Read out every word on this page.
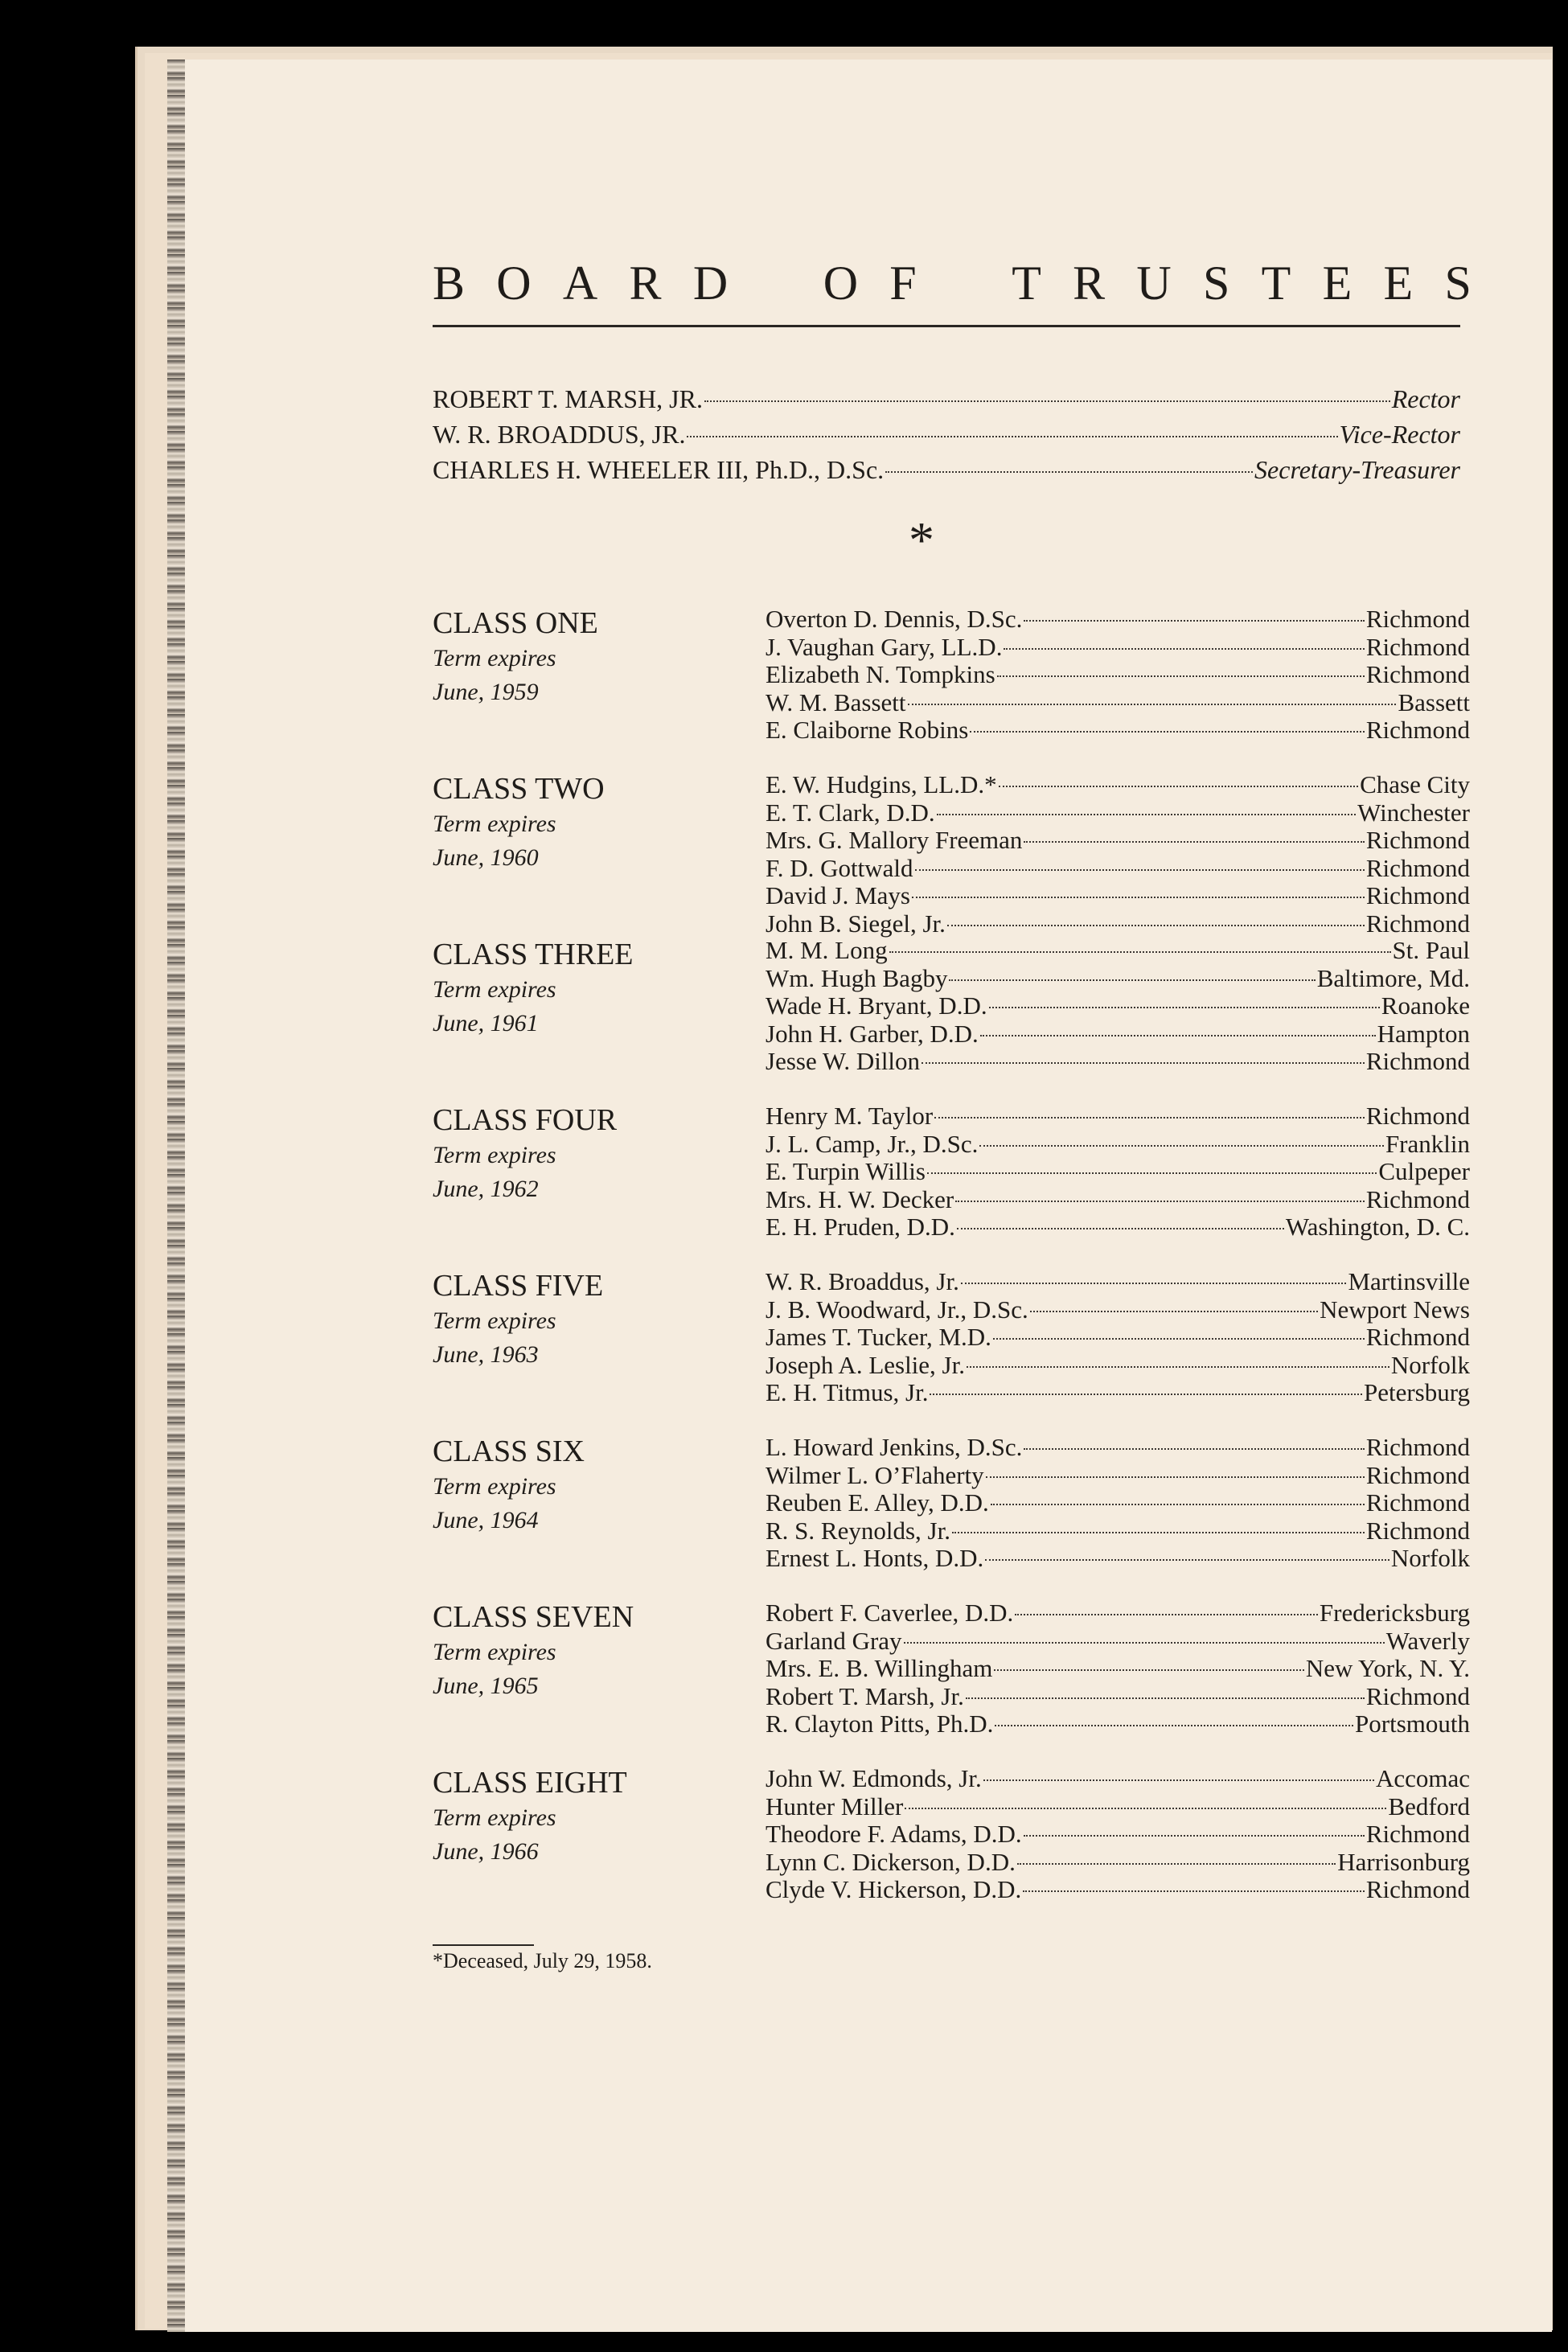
B O A R D O F T R U S T E E S
ROBERT T. MARSH, JR.	Rector
W. R. BROADDUS, JR.	Vice-Rector
CHARLES H. WHEELER III, Ph.D., D.Sc.	Secretary-Treasurer
*
CLASS ONE
Term expires
June, 1959
Overton D. Dennis, D.Sc.	Richmond
J. Vaughan Gary, LL.D.	Richmond
Elizabeth N. Tompkins	Richmond
W. M. Bassett	Bassett
E. Claiborne Robins	Richmond
CLASS TWO
Term expires
June, 1960
E. W. Hudgins, LL.D.*	Chase City
E. T. Clark, D.D.	Winchester
Mrs. G. Mallory Freeman	Richmond
F. D. Gottwald	Richmond
David J. Mays	Richmond
John B. Siegel, Jr.	Richmond
CLASS THREE
Term expires
June, 1961
M. M. Long	St. Paul
Wm. Hugh Bagby	Baltimore, Md.
Wade H. Bryant, D.D.	Roanoke
John H. Garber, D.D.	Hampton
Jesse W. Dillon	Richmond
CLASS FOUR
Term expires
June, 1962
Henry M. Taylor	Richmond
J. L. Camp, Jr., D.Sc.	Franklin
E. Turpin Willis	Culpeper
Mrs. H. W. Decker	Richmond
E. H. Pruden, D.D.	Washington, D. C.
CLASS FIVE
Term expires
June, 1963
W. R. Broaddus, Jr.	Martinsville
J. B. Woodward, Jr., D.Sc.	Newport News
James T. Tucker, M.D.	Richmond
Joseph A. Leslie, Jr.	Norfolk
E. H. Titmus, Jr.	Petersburg
CLASS SIX
Term expires
June, 1964
L. Howard Jenkins, D.Sc.	Richmond
Wilmer L. O’Flaherty	Richmond
Reuben E. Alley, D.D.	Richmond
R. S. Reynolds, Jr.	Richmond
Ernest L. Honts, D.D.	Norfolk
CLASS SEVEN
Term expires
June, 1965
Robert F. Caverlee, D.D.	Fredericksburg
Garland Gray	Waverly
Mrs. E. B. Willingham	New York, N. Y.
Robert T. Marsh, Jr.	Richmond
R. Clayton Pitts, Ph.D.	Portsmouth
CLASS EIGHT
Term expires
June, 1966
John W. Edmonds, Jr.	Accomac
Hunter Miller	Bedford
Theodore F. Adams, D.D.	Richmond
Lynn C. Dickerson, D.D.	Harrisonburg
Clyde V. Hickerson, D.D.	Richmond
*Deceased, July 29, 1958.
